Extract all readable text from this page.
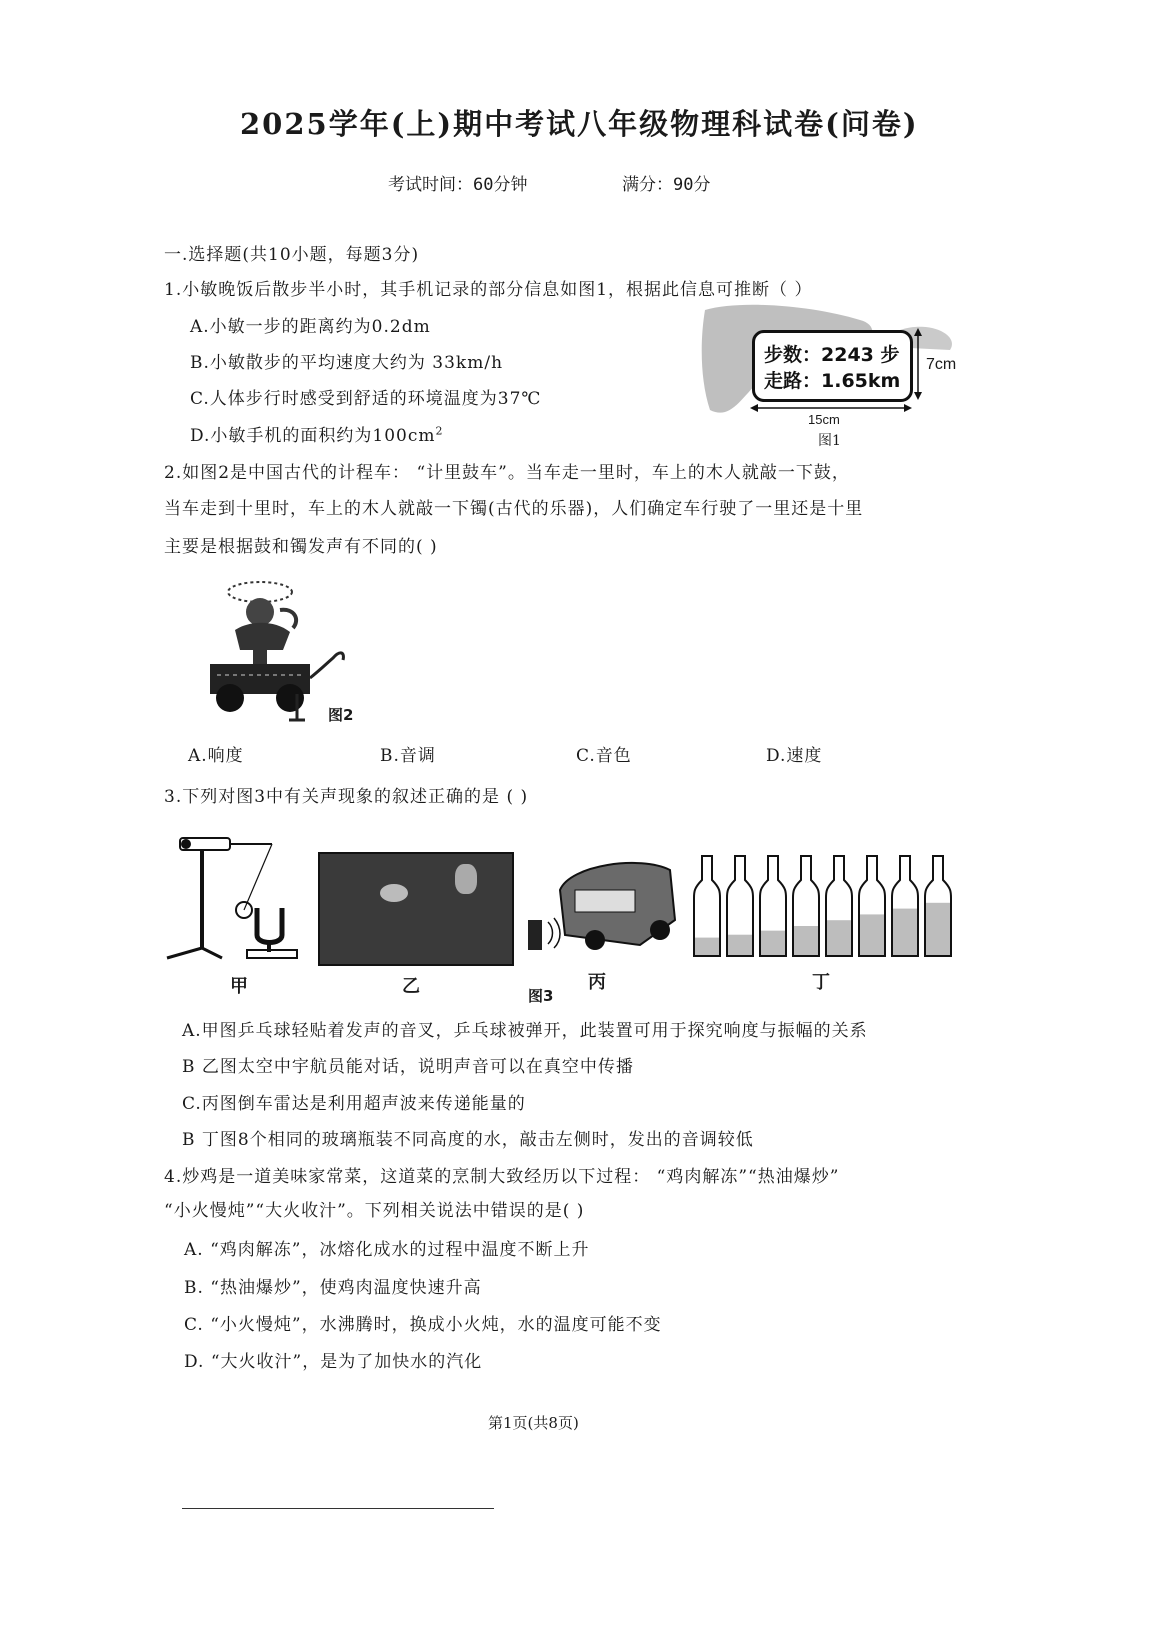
2025学年(上)期中考试八年级物理科试卷(问卷)
考试时间：60分钟	满分：90分
一.选择题(共10小题，每题3分)
1.小敏晚饭后散步半小时，其手机记录的部分信息如图1，根据此信息可推断（ ）
A.小敏一步的距离约为0.2dm
B.小敏散步的平均速度大约为 33km/h
C.人体步行时感受到舒适的环境温度为37℃
D.小敏手机的面积约为$100cm^2$
步数：2243 步
走路：1.65km
7cm
15cm
图1
2.如图2是中国古代的计程车： “计里鼓车”。当车走一里时，车上的木人就敲一下鼓，
当车走到十里时，车上的木人就敲一下镯(古代的乐器)，人们确定车行驶了一里还是十里
主要是根据鼓和镯发声有不同的( )
图2
A.响度	B.音调	C.音色	D.速度
3.下列对图3中有关声现象的叙述正确的是 ( )
甲	乙	丙	丁
图3
A.甲图乒乓球轻贴着发声的音叉，乒乓球被弹开，此装置可用于探究响度与振幅的关系
B 乙图太空中宇航员能对话，说明声音可以在真空中传播
C.丙图倒车雷达是利用超声波来传递能量的
B 丁图8个相同的玻璃瓶装不同高度的水，敲击左侧时，发出的音调较低
4.炒鸡是一道美味家常菜，这道菜的烹制大致经历以下过程： “鸡肉解冻”“热油爆炒”
“小火慢炖”“大火收汁”。下列相关说法中错误的是( )
A. “鸡肉解冻”，冰熔化成水的过程中温度不断上升
B. “热油爆炒”，使鸡肉温度快速升高
C. “小火慢炖”，水沸腾时，换成小火炖，水的温度可能不变
D. “大火收汁”，是为了加快水的汽化
第1页(共8页)
